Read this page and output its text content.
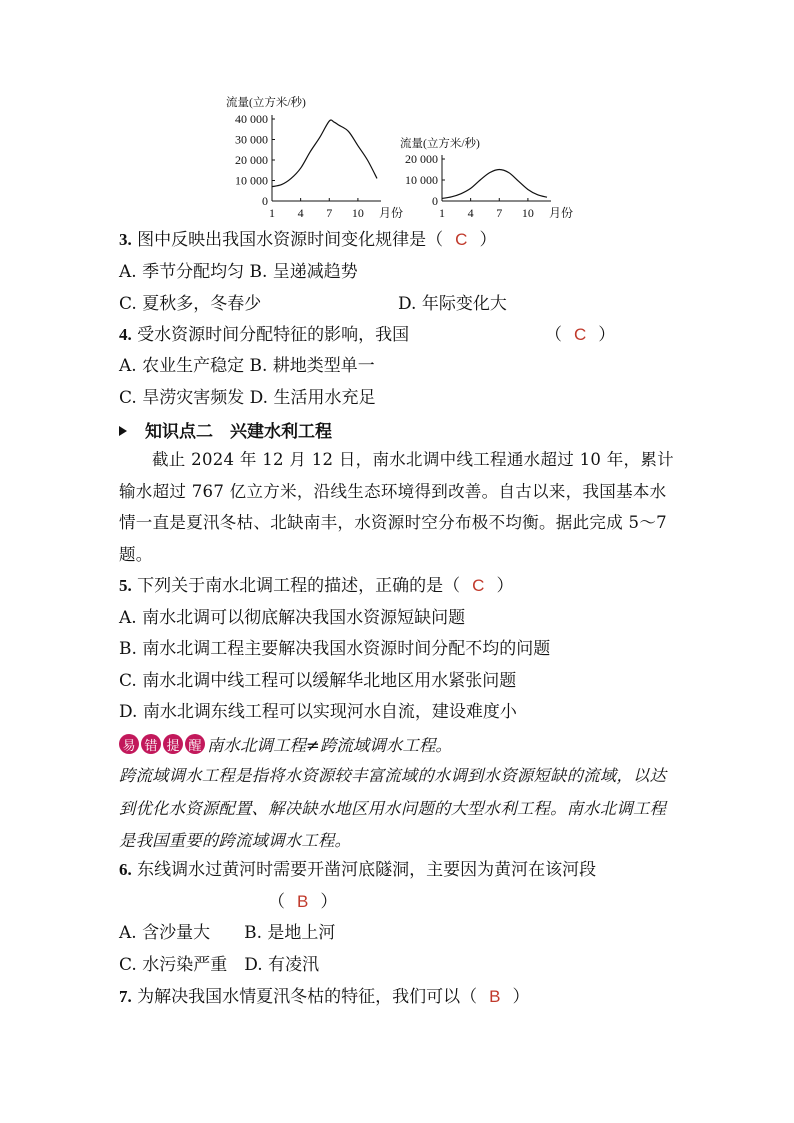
流量(立方米/秒)
40 000
30 000
20 000
10 000
0
1 4 7 10 月份
流量(立方米/秒)
20 000
10 000
0
1 4 7 10 月份
3. 图中反映出我国水资源时间变化规律是（ C ）
A. 季节分配均匀 B. 呈递减趋势
C. 夏秋多，冬春少	D. 年际变化大
4. 受水资源时间分配特征的影响，我国	（ C ）
A. 农业生产稳定 B. 耕地类型单一
C. 旱涝灾害频发 D. 生活用水充足
知识点二　兴建水利工程
截止 2024 年 12 月 12 日，南水北调中线工程通水超过 10 年，累计输水超过 767 亿立方米，沿线生态环境得到改善。自古以来，我国基本水情一直是夏汛冬枯、北缺南丰，水资源时空分布极不均衡。据此完成 5～7 题。
5. 下列关于南水北调工程的描述，正确的是（ C ）
A. 南水北调可以彻底解决我国水资源短缺问题
B. 南水北调工程主要解决我国水资源时间分配不均的问题
C. 南水北调中线工程可以缓解华北地区用水紧张问题
D. 南水北调东线工程可以实现河水自流，建设难度小
易 错 提 醒 南水北调工程≠跨流域调水工程。
跨流域调水工程是指将水资源较丰富流域的水调到水资源短缺的流域，以达到优化水资源配置、解决缺水地区用水问题的大型水利工程。南水北调工程是我国重要的跨流域调水工程。
6. 东线调水过黄河时需要开凿河底隧洞，主要因为黄河在该河段
（ B ）
A. 含沙量大　　B. 是地上河
C. 水污染严重　D. 有凌汛
7. 为解决我国水情夏汛冬枯的特征，我们可以（ B ）
